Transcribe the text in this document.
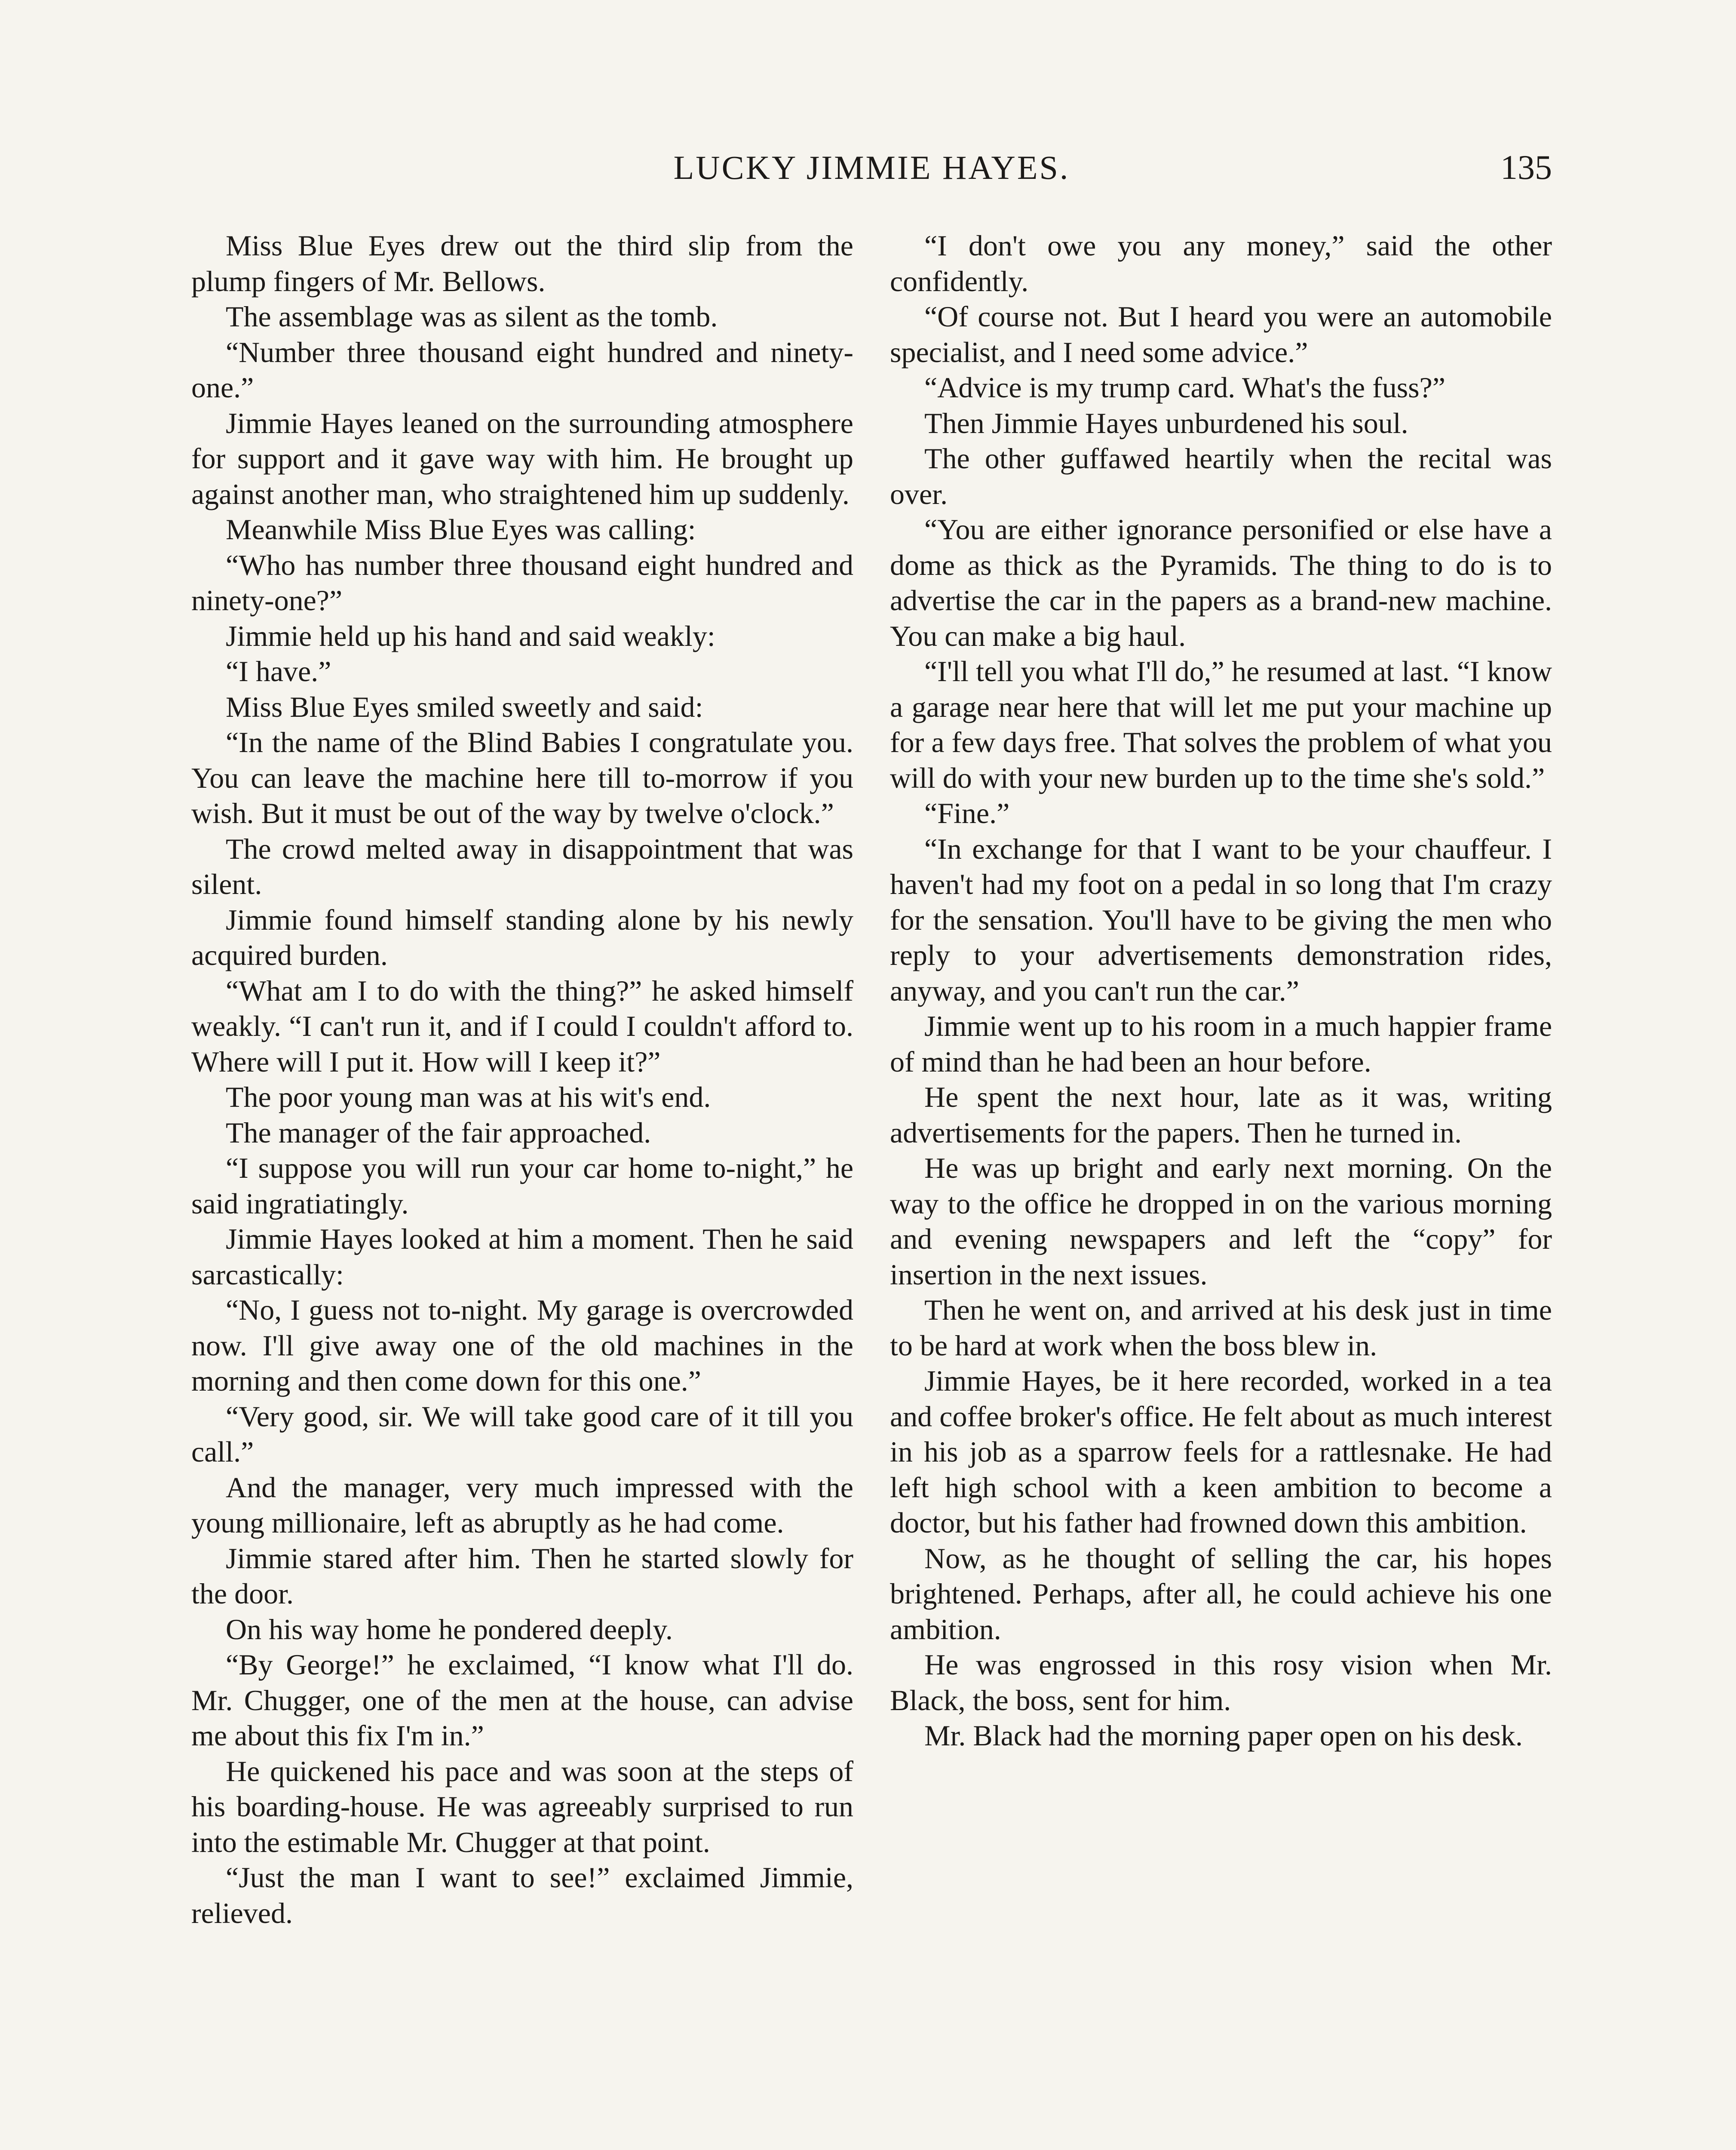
LUCKY JIMMIE HAYES.	135

Miss Blue Eyes drew out the third slip from the plump fingers of Mr. Bellows.

The assemblage was as silent as the tomb.

“Number three thousand eight hundred and ninety-one.”

Jimmie Hayes leaned on the surrounding atmosphere for support and it gave way with him. He brought up against another man, who straightened him up suddenly.

Meanwhile Miss Blue Eyes was calling:

“Who has number three thousand eight hundred and ninety-one?”

Jimmie held up his hand and said weakly:

“I have.”

Miss Blue Eyes smiled sweetly and said:

“In the name of the Blind Babies I congratulate you. You can leave the machine here till to-morrow if you wish. But it must be out of the way by twelve o'clock.”

The crowd melted away in disappointment that was silent.

Jimmie found himself standing alone by his newly acquired burden.

“What am I to do with the thing?” he asked himself weakly. “I can't run it, and if I could I couldn't afford to. Where will I put it. How will I keep it?”

The poor young man was at his wit's end.

The manager of the fair approached.

“I suppose you will run your car home to-night,” he said ingratiatingly.

Jimmie Hayes looked at him a moment. Then he said sarcastically:

“No, I guess not to-night. My garage is overcrowded now. I'll give away one of the old machines in the morning and then come down for this one.”

“Very good, sir. We will take good care of it till you call.”

And the manager, very much impressed with the young millionaire, left as abruptly as he had come.

Jimmie stared after him. Then he started slowly for the door.

On his way home he pondered deeply.

“By George!” he exclaimed, “I know what I'll do. Mr. Chugger, one of the men at the house, can advise me about this fix I'm in.”

He quickened his pace and was soon at the steps of his boarding-house. He was agreeably surprised to run into the estimable Mr. Chugger at that point.

“Just the man I want to see!” exclaimed Jimmie, relieved.

“I don't owe you any money,” said the other confidently.

“Of course not. But I heard you were an automobile specialist, and I need some advice.”

“Advice is my trump card. What's the fuss?”

Then Jimmie Hayes unburdened his soul.

The other guffawed heartily when the recital was over.

“You are either ignorance personified or else have a dome as thick as the Pyramids. The thing to do is to advertise the car in the papers as a brand-new machine. You can make a big haul.

“I'll tell you what I'll do,” he resumed at last. “I know a garage near here that will let me put your machine up for a few days free. That solves the problem of what you will do with your new burden up to the time she's sold.”

“Fine.”

“In exchange for that I want to be your chauffeur. I haven't had my foot on a pedal in so long that I'm crazy for the sensation. You'll have to be giving the men who reply to your advertisements demonstration rides, anyway, and you can't run the car.”

Jimmie went up to his room in a much happier frame of mind than he had been an hour before.

He spent the next hour, late as it was, writing advertisements for the papers. Then he turned in.

He was up bright and early next morning. On the way to the office he dropped in on the various morning and evening newspapers and left the “copy” for insertion in the next issues.

Then he went on, and arrived at his desk just in time to be hard at work when the boss blew in.

Jimmie Hayes, be it here recorded, worked in a tea and coffee broker's office. He felt about as much interest in his job as a sparrow feels for a rattlesnake. He had left high school with a keen ambition to become a doctor, but his father had frowned down this ambition.

Now, as he thought of selling the car, his hopes brightened. Perhaps, after all, he could achieve his one ambition.

He was engrossed in this rosy vision when Mr. Black, the boss, sent for him.

Mr. Black had the morning paper open on his desk.
